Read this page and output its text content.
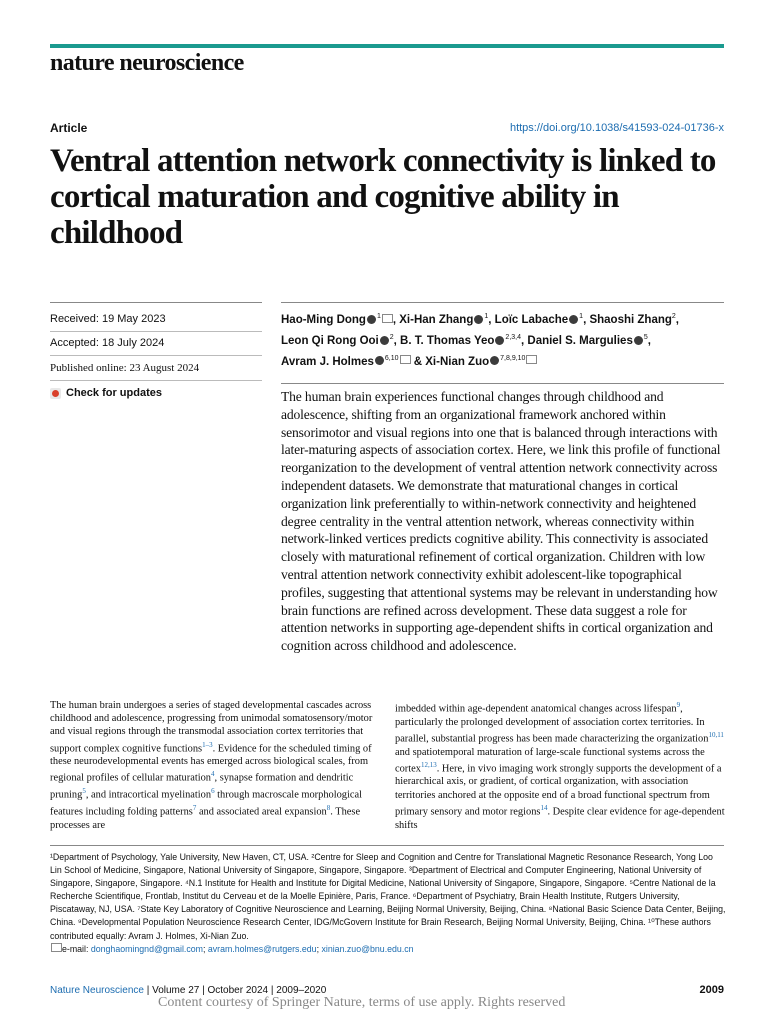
nature neuroscience
Article	https://doi.org/10.1038/s41593-024-01736-x
Ventral attention network connectivity is linked to cortical maturation and cognitive ability in childhood
Received: 19 May 2023
Accepted: 18 July 2024
Published online: 23 August 2024
Check for updates
Hao-Ming Dong $^1$ , Xi-Han Zhang $^1$, Loïc Labache $^1$, Shaoshi Zhang$^2$,
Leon Qi Rong Ooi $^2$, B. T. Thomas Yeo $^{2,3,4}$, Daniel S. Margulies $^5$,
Avram J. Holmes $^{6,10}$ & Xi-Nian Zuo $^{7,8,9,10}$

The human brain experiences functional changes through childhood and adolescence, shifting from an organizational framework anchored within sensorimotor and visual regions into one that is balanced through interactions with later-maturing aspects of association cortex. Here, we link this profile of functional reorganization to the development of ventral attention network connectivity across independent datasets. We demonstrate that maturational changes in cortical organization link preferentially to within-network connectivity and heightened degree centrality in the ventral attention network, whereas connectivity within network-linked vertices predicts cognitive ability. This connectivity is associated closely with maturational refinement of cortical organization. Children with low ventral attention network connectivity exhibit adolescent-like topographical profiles, suggesting that attentional systems may be relevant in understanding how brain functions are refined across development. These data suggest a role for attention networks in supporting age-dependent shifts in cortical organization and cognition across childhood and adolescence.

The human brain undergoes a series of staged developmental cascades across childhood and adolescence, progressing from unimodal somatosensory/motor and visual regions through the transmodal association cortex territories that support complex cognitive functions$^{1-3}$. Evidence for the scheduled timing of these neurodevelopmental events has emerged across biological scales, from regional profiles of cellular maturation$^4$, synapse formation and dendritic pruning$^5$, and intracortical myelination$^6$ through macroscale morphological features including folding patterns$^7$ and associated areal expansion$^8$. These processes are
imbedded within age-dependent anatomical changes across lifespan$^9$, particularly the prolonged development of association cortex territories. In parallel, substantial progress has been made characterizing the organization$^{10,11}$ and spatiotemporal maturation of large-scale functional systems across the cortex$^{12,13}$. Here, in vivo imaging work strongly supports the development of a hierarchical axis, or gradient, of cortical organization, with association territories anchored at the opposite end of a broad functional spectrum from primary sensory and motor regions$^{14}$. Despite clear evidence for age-dependent shifts
¹Department of Psychology, Yale University, New Haven, CT, USA. ²Centre for Sleep and Cognition and Centre for Translational Magnetic Resonance Research, Yong Loo Lin School of Medicine, Singapore, National University of Singapore, Singapore, Singapore. ³Department of Electrical and Computer Engineering, National University of Singapore, Singapore, Singapore. ⁴N.1 Institute for Health and Institute for Digital Medicine, National University of Singapore, Singapore, Singapore. ⁵Centre National de la Recherche Scientifique, Frontlab, Institut du Cerveau et de la Moelle Epinière, Paris, France. ⁶Department of Psychiatry, Brain Health Institute, Rutgers University, Piscataway, NJ, USA. ⁷State Key Laboratory of Cognitive Neuroscience and Learning, Beijing Normal University, Beijing, China. ⁸National Basic Science Data Center, Beijing, China. ⁹Developmental Population Neuroscience Research Center, IDG/McGovern Institute for Brain Research, Beijing Normal University, Beijing, China. ¹⁰These authors contributed equally: Avram J. Holmes, Xi-Nian Zuo.
e-mail: donghaomingnd@gmail.com; avram.holmes@rutgers.edu; xinian.zuo@bnu.edu.cn
Nature Neuroscience | Volume 27 | October 2024 | 2009–2020	2009
Content courtesy of Springer Nature, terms of use apply. Rights reserved
